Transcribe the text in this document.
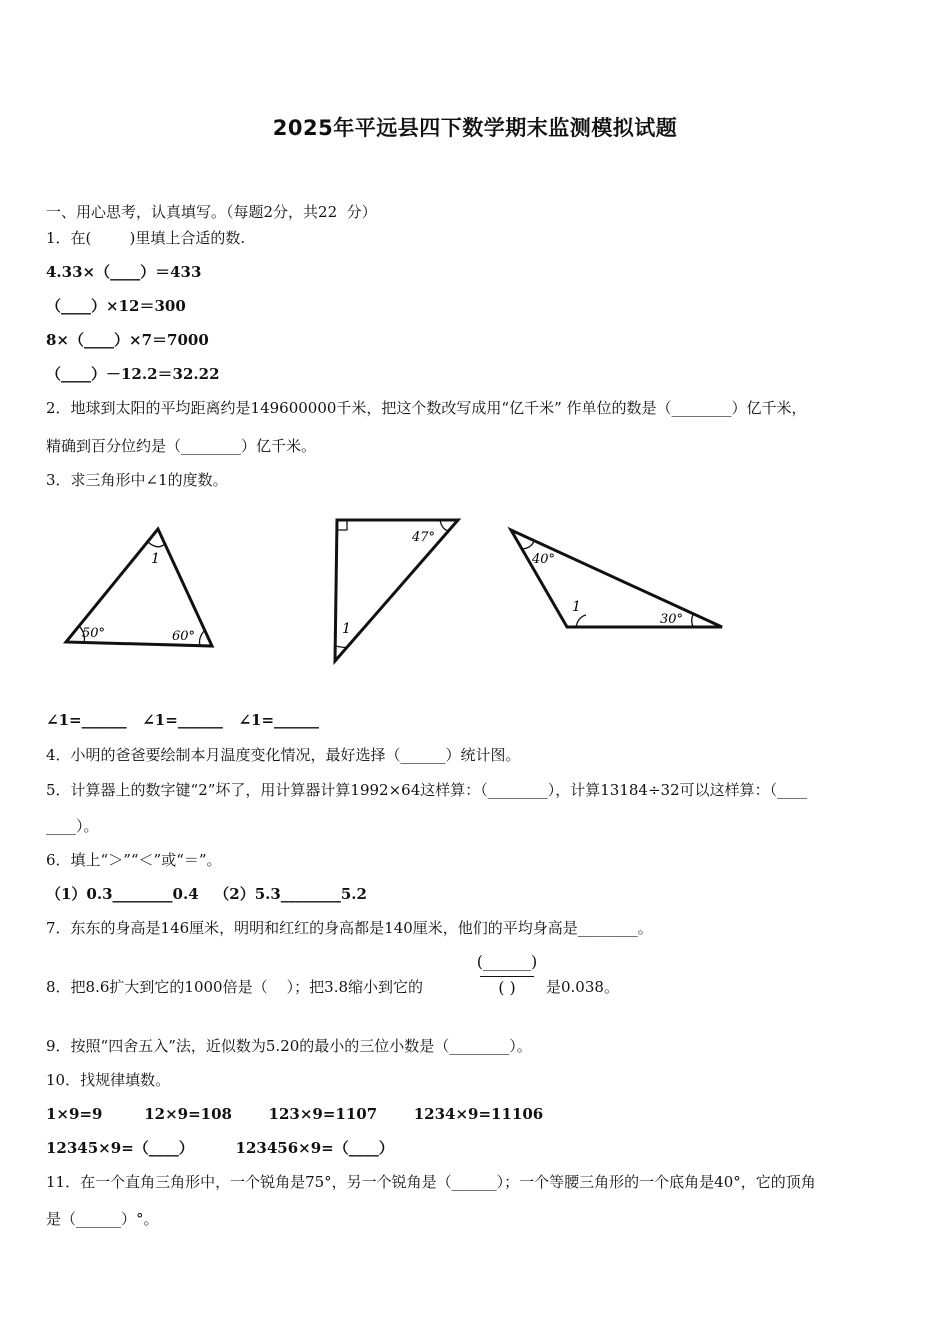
2025年平远县四下数学期末监测模拟试题
一、用心思考，认真填写。（每题2分，共22  分）
1．在(        )里填上合适的数.
4.33×（____）＝433
（____）×12＝300
8×（____）×7＝7000
（____）－12.2＝32.22
2．地球到太阳的平均距离约是149600000千米，把这个数改写成用“亿千米” 作单位的数是（________）亿千米，
精确到百分位约是（________）亿千米。
3．求三角形中∠1的度数。
1
50°	60°
47°
1
40°
1
30°
∠1=______   ∠1=______   ∠1=______
4．小明的爸爸要绘制本月温度变化情况，最好选择（______）统计图。
5．计算器上的数字键“2”坏了，用计算器计算1992×64这样算：（________），计算13184÷32可以这样算：（____
____）。
6．填上“＞”“＜”或“＝”。
（1）0.3________0.4   （2）5.3________5.2
7．东东的身高是146厘米，明明和红红的身高都是140厘米，他们的平均身高是________。
8．把8.6扩大到它的1000倍是（    ）；把3.8缩小到它的
(______)
( )	是0.038。
9．按照“四舍五入”法，近似数为5.20的最小的三位小数是（________）。
10．找规律填数。
1×9=9        12×9=108       123×9=1107       1234×9=11106
12345×9=（____）        123456×9=（____）
11．在一个直角三角形中，一个锐角是75°，另一个锐角是（______）；一个等腰三角形的一个底角是40°，它的顶角
是（______）°。
